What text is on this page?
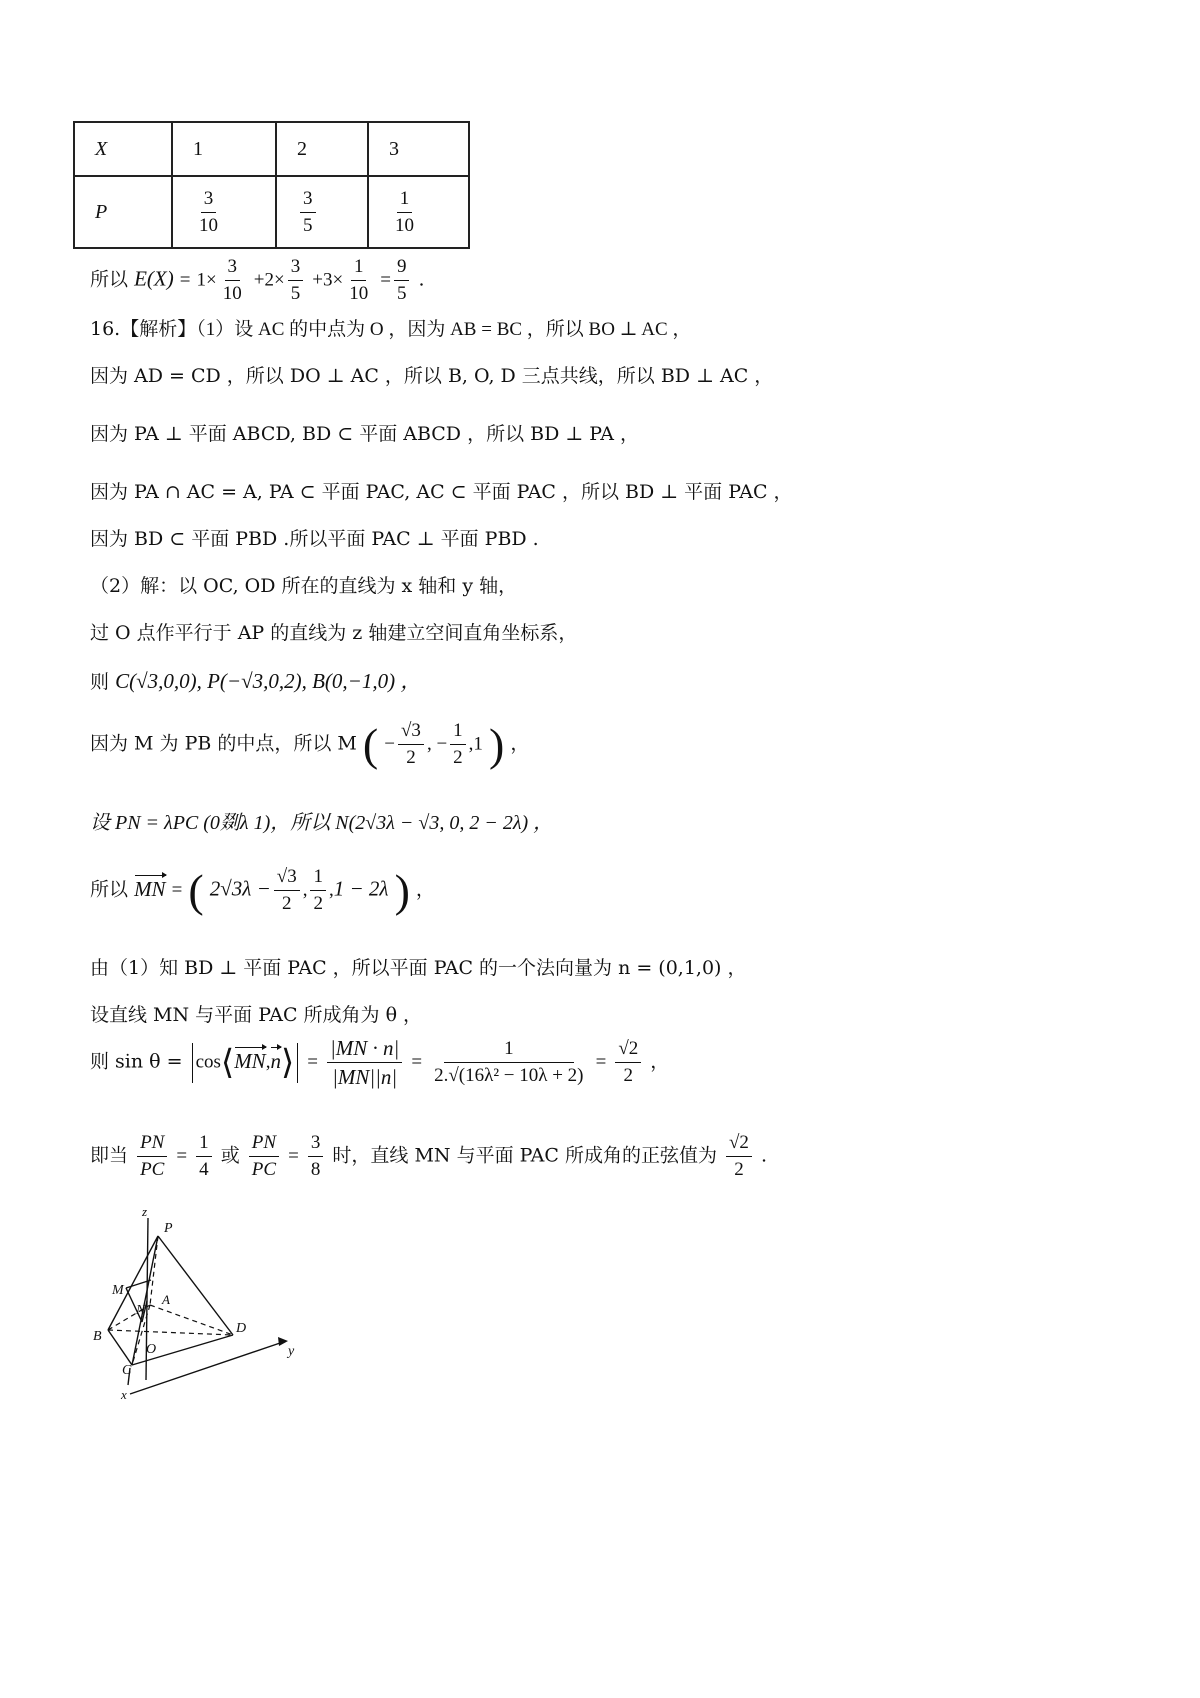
X	1	2	3
P	$\frac{3}{10}$	$\frac{3}{5}$	$\frac{1}{10}$
所以 $E(X) = 1\times \frac{3}{10} +2\times \frac{3}{5} +3\times \frac{1}{10} = \frac{9}{5}$ .
16.【解析】（1）设 AC 的中点为 O ，因为 AB = BC ，所以 BO ⊥ AC ，
因为 AD = CD ，所以 DO ⊥ AC ，所以 B, O, D 三点共线，所以 BD ⊥ AC ，
因为 PA ⊥ 平面 ABCD, BD ⊂ 平面 ABCD ，所以 BD ⊥ PA ，
因为 PA ∩ AC = A, PA ⊂ 平面 PAC, AC ⊂ 平面 PAC ，所以 BD ⊥ 平面 PAC ，
因为 BD ⊂ 平面 PBD .所以平面 PAC ⊥ 平面 PBD .
（2）解：以 OC, OD 所在的直线为 x 轴和 y 轴，
过 O 点作平行于 AP 的直线为 z 轴建立空间直角坐标系，
则 C(√3,0,0), P(−√3,0,2), B(0,−1,0) ，
因为 M 为 PB 的中点，所以 M ( − $\frac{√3}{2}$ , − $\frac{1}{2} ,1$ ) ，
设 PN = λPC (0剟λ 1)，所以 N(2√3λ − √3, 0, 2 − 2λ) ，
所以 MN = ( $2√3\lambda - \frac{√3}{2}$ , $\frac{1}{2} ,1 - 2\lambda$ ) ，
由（1）知 BD ⊥ 平面 PAC ，所以平面 PAC 的一个法向量为 n = (0,1,0) ，
设直线 MN 与平面 PAC 所成角为 θ ，
则 sin θ = cos⟨MN,n⟩ = $\frac{|MN \cdot n|}{|MN||n|} = \frac{1}{\text{2.√(16λ² − 10λ + 2)}} = \frac{√2}{2}$ ，
即当 $\frac{PN}{PC} = \frac{1}{4}$ 或 $\frac{PN}{PC} = \frac{3}{8}$ 时，直线 MN 与平面 PAC 所成角的正弦值为 $\frac{√2}{2}$ .
z
P
M
N
A
B
O
D
y
C
x
